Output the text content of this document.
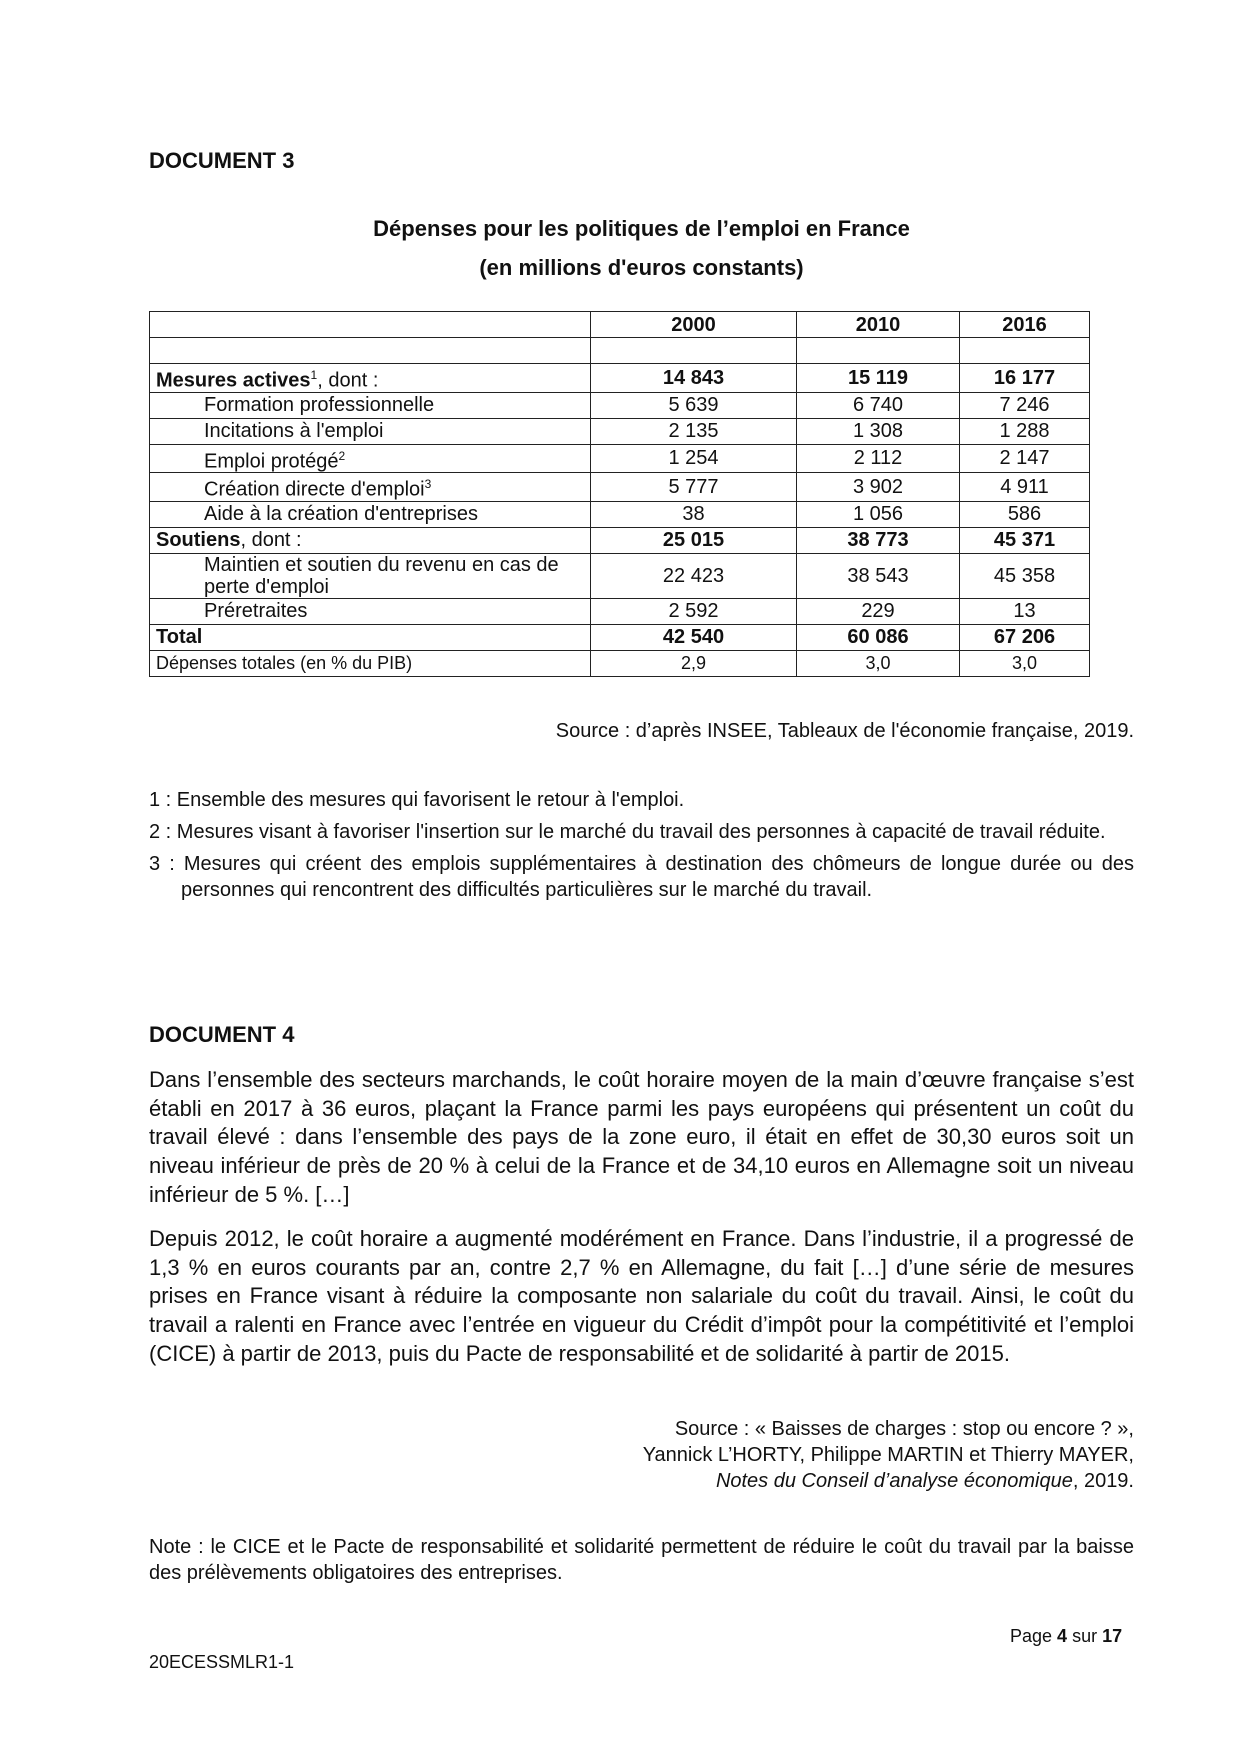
DOCUMENT 3
Dépenses pour les politiques de l’emploi en France
(en millions d'euros constants)
	2000	2010	2016

Mesures actives$^1$, dont :	14 843	15 119	16 177
Formation professionnelle	5 639	6 740	7 246
Incitations à l'emploi	2 135	1 308	1 288
Emploi protégé$^2$	1 254	2 112	2 147
Création directe d'emploi$^3$	5 777	3 902	4 911
Aide à la création d'entreprises	38	1 056	586
Soutiens, dont :	25 015	38 773	45 371
Maintien et soutien du revenu en cas de perte d'emploi	22 423	38 543	45 358
Préretraites	2 592	229	13
Total	42 540	60 086	67 206
Dépenses totales (en % du PIB)	2,9	3,0	3,0
Source : d’après INSEE, Tableaux de l'économie française, 2019.
1 : Ensemble des mesures qui favorisent le retour à l'emploi.
2 : Mesures visant à favoriser l'insertion sur le marché du travail des personnes à capacité de travail réduite.
3 : Mesures qui créent des emplois supplémentaires à destination des chômeurs de longue durée ou des personnes qui rencontrent des difficultés particulières sur le marché du travail.
DOCUMENT 4
Dans l’ensemble des secteurs marchands, le coût horaire moyen de la main d’œuvre française s’est établi en 2017 à 36 euros, plaçant la France parmi les pays européens qui présentent un coût du travail élevé : dans l’ensemble des pays de la zone euro, il était en effet de 30,30 euros soit un niveau inférieur de près de 20 % à celui de la France et de 34,10 euros en Allemagne soit un niveau inférieur de 5 %. […]
Depuis 2012, le coût horaire a augmenté modérément en France. Dans l’industrie, il a progressé de 1,3 % en euros courants par an, contre 2,7 % en Allemagne, du fait […] d’une série de mesures prises en France visant à réduire la composante non salariale du coût du travail. Ainsi, le coût du travail a ralenti en France avec l’entrée en vigueur du Crédit d’impôt pour la compétitivité et l’emploi (CICE) à partir de 2013, puis du Pacte de responsabilité et de solidarité à partir de 2015.
Source : « Baisses de charges : stop ou encore ? »,
Yannick L’HORTY, Philippe MARTIN et Thierry MAYER,
Notes du Conseil d’analyse économique, 2019.
Note : le CICE et le Pacte de responsabilité et solidarité permettent de réduire le coût du travail par la baisse des prélèvements obligatoires des entreprises.
Page 4 sur 17
20ECESSMLR1-1
